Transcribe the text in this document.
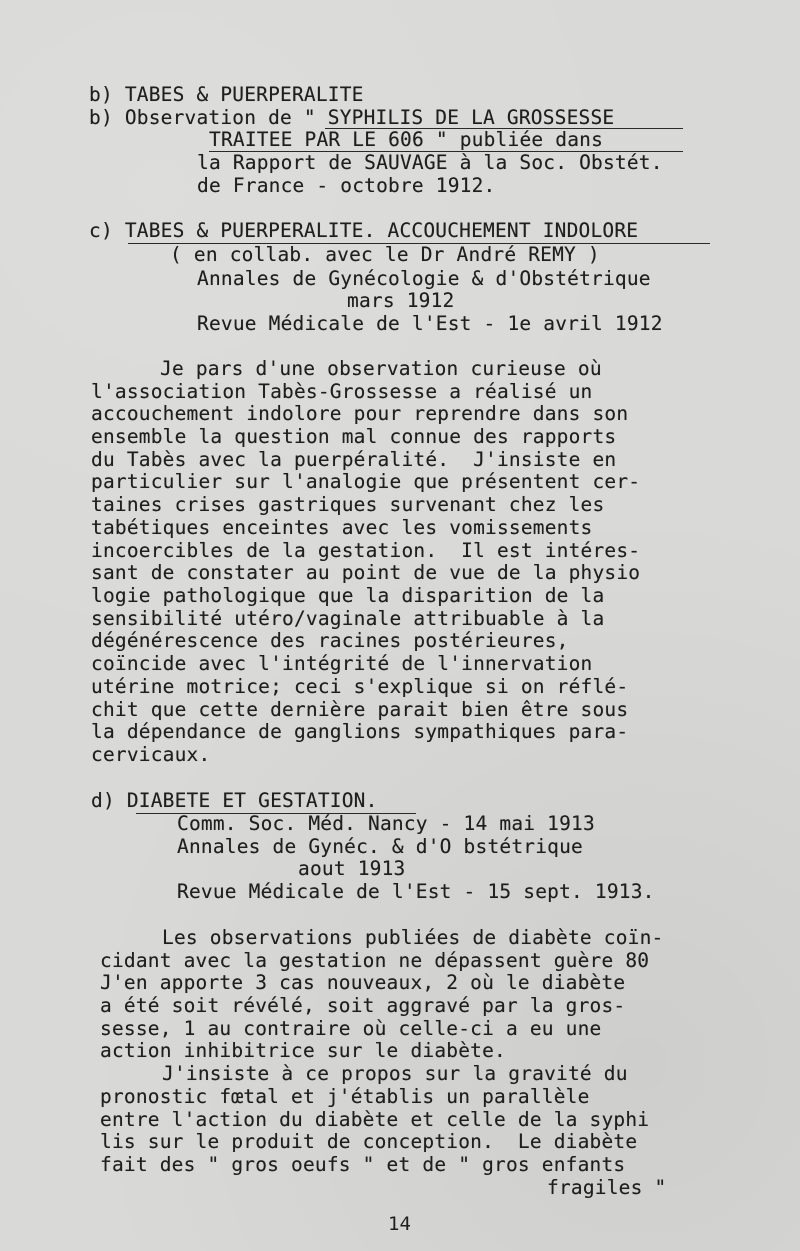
b) TABES & PUERPERALITE
b) Observation de " SYPHILIS DE LA GROSSESSE
TRAITEE PAR LE 606 " publiée dans
la Rapport de SAUVAGE à la Soc. Obstét.
de France - octobre 1912.
c) TABES & PUERPERALITE. ACCOUCHEMENT INDOLORE
( en collab. avec le Dr André REMY )
Annales de Gynécologie & d'Obstétrique
mars 1912
Revue Médicale de l'Est - 1e avril 1912
Je pars d'une observation curieuse où
l'association Tabès-Grossesse a réalisé un
accouchement indolore pour reprendre dans son
ensemble la question mal connue des rapports
du Tabès avec la puerpéralité.  J'insiste en
particulier sur l'analogie que présentent cer-
taines crises gastriques survenant chez les
tabétiques enceintes avec les vomissements
incoercibles de la gestation.  Il est intéres-
sant de constater au point de vue de la physio
logie pathologique que la disparition de la
sensibilité utéro/vaginale attribuable à la
dégénérescence des racines postérieures,
coïncide avec l'intégrité de l'innervation
utérine motrice; ceci s'explique si on réflé-
chit que cette dernière parait bien être sous
la dépendance de ganglions sympathiques para-
cervicaux.
d) DIABETE ET GESTATION.
Comm. Soc. Méd. Nancy - 14 mai 1913
Annales de Gynéc. & d'O bstétrique
aout 1913
Revue Médicale de l'Est - 15 sept. 1913.
Les observations publiées de diabète coïn-
cidant avec la gestation ne dépassent guère 80
J'en apporte 3 cas nouveaux, 2 où le diabète
a été soit révélé, soit aggravé par la gros-
sesse, 1 au contraire où celle-ci a eu une
action inhibitrice sur le diabète.
J'insiste à ce propos sur la gravité du
pronostic fœtal et j'établis un parallèle
entre l'action du diabète et celle de la syphi
lis sur le produit de conception.  Le diabète
fait des " gros oeufs " et de " gros enfants
fragiles "
14
